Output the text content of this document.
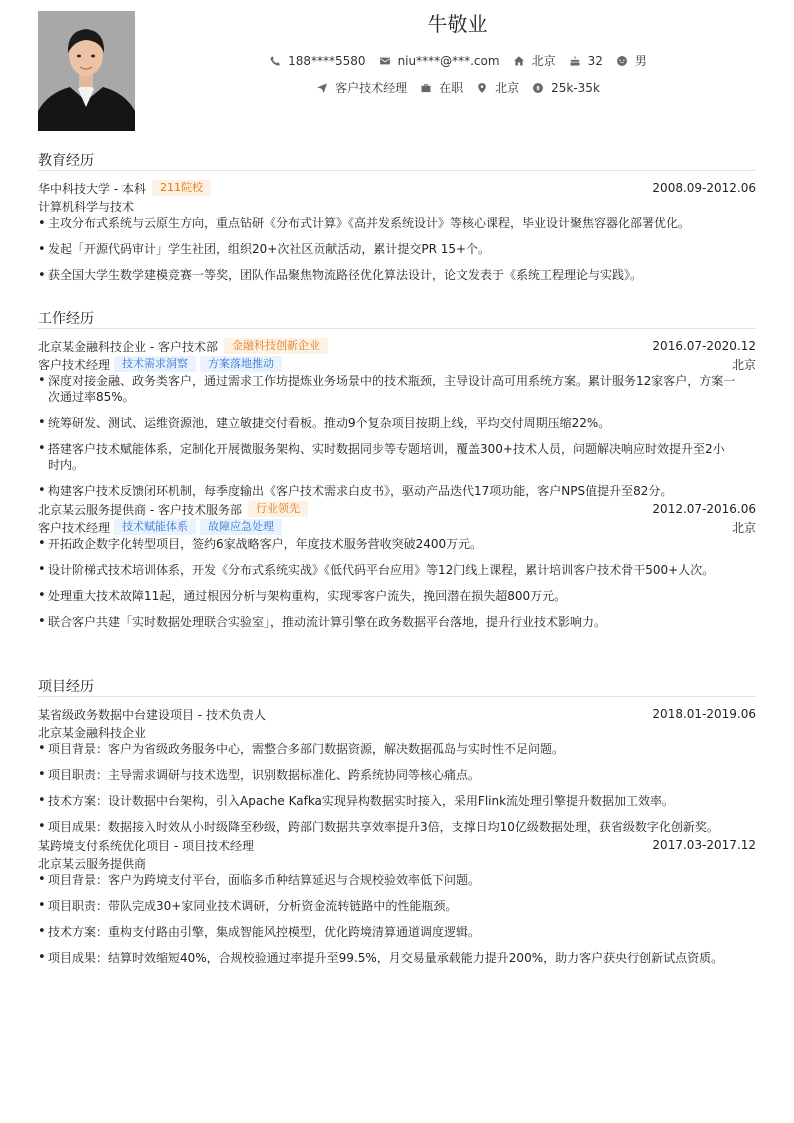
牛敬业
188****5580	niu****@***.com	北京	32	男
客户技术经理	在职	北京	25k-35k
教育经历
华中科技大学 - 本科	211院校	2008.09-2012.06
计算机科学与技术
• 主攻分布式系统与云原生方向，重点钻研《分布式计算》《高并发系统设计》等核心课程，毕业设计聚焦容器化部署优化。
• 发起「开源代码审计」学生社团，组织20+次社区贡献活动，累计提交PR 15+个。
• 获全国大学生数学建模竞赛一等奖，团队作品聚焦物流路径优化算法设计，论文发表于《系统工程理论与实践》。
工作经历
北京某金融科技企业 - 客户技术部	金融科技创新企业	2016.07-2020.12
客户技术经理	技术需求洞察	方案落地推动	北京
• 深度对接金融、政务类客户，通过需求工作坊提炼业务场景中的技术瓶颈，主导设计高可用系统方案。累计服务12家客户，方案一次通过率85%。
• 统筹研发、测试、运维资源池，建立敏捷交付看板。推动9个复杂项目按期上线，平均交付周期压缩22%。
• 搭建客户技术赋能体系，定制化开展微服务架构、实时数据同步等专题培训，覆盖300+技术人员，问题解决响应时效提升至2小时内。
• 构建客户技术反馈闭环机制，每季度输出《客户技术需求白皮书》，驱动产品迭代17项功能，客户NPS值提升至82分。
北京某云服务提供商 - 客户技术服务部	行业领先	2012.07-2016.06
客户技术经理	技术赋能体系	故障应急处理	北京
• 开拓政企数字化转型项目，签约6家战略客户，年度技术服务营收突破2400万元。
• 设计阶梯式技术培训体系，开发《分布式系统实战》《低代码平台应用》等12门线上课程，累计培训客户技术骨干500+人次。
• 处理重大技术故障11起，通过根因分析与架构重构，实现零客户流失，挽回潜在损失超800万元。
• 联合客户共建「实时数据处理联合实验室」，推动流计算引擎在政务数据平台落地，提升行业技术影响力。
项目经历
某省级政务数据中台建设项目 - 技术负责人	2018.01-2019.06
北京某金融科技企业
• 项目背景：客户为省级政务服务中心，需整合多部门数据资源，解决数据孤岛与实时性不足问题。
• 项目职责：主导需求调研与技术选型，识别数据标准化、跨系统协同等核心痛点。
• 技术方案：设计数据中台架构，引入Apache Kafka实现异构数据实时接入，采用Flink流处理引擎提升数据加工效率。
• 项目成果：数据接入时效从小时级降至秒级，跨部门数据共享效率提升3倍，支撑日均10亿级数据处理，获省级数字化创新奖。
某跨境支付系统优化项目 - 项目技术经理	2017.03-2017.12
北京某云服务提供商
• 项目背景：客户为跨境支付平台，面临多币种结算延迟与合规校验效率低下问题。
• 项目职责：带队完成30+家同业技术调研，分析资金流转链路中的性能瓶颈。
• 技术方案：重构支付路由引擎，集成智能风控模型，优化跨境清算通道调度逻辑。
• 项目成果：结算时效缩短40%，合规校验通过率提升至99.5%，月交易量承载能力提升200%，助力客户获央行创新试点资质。
